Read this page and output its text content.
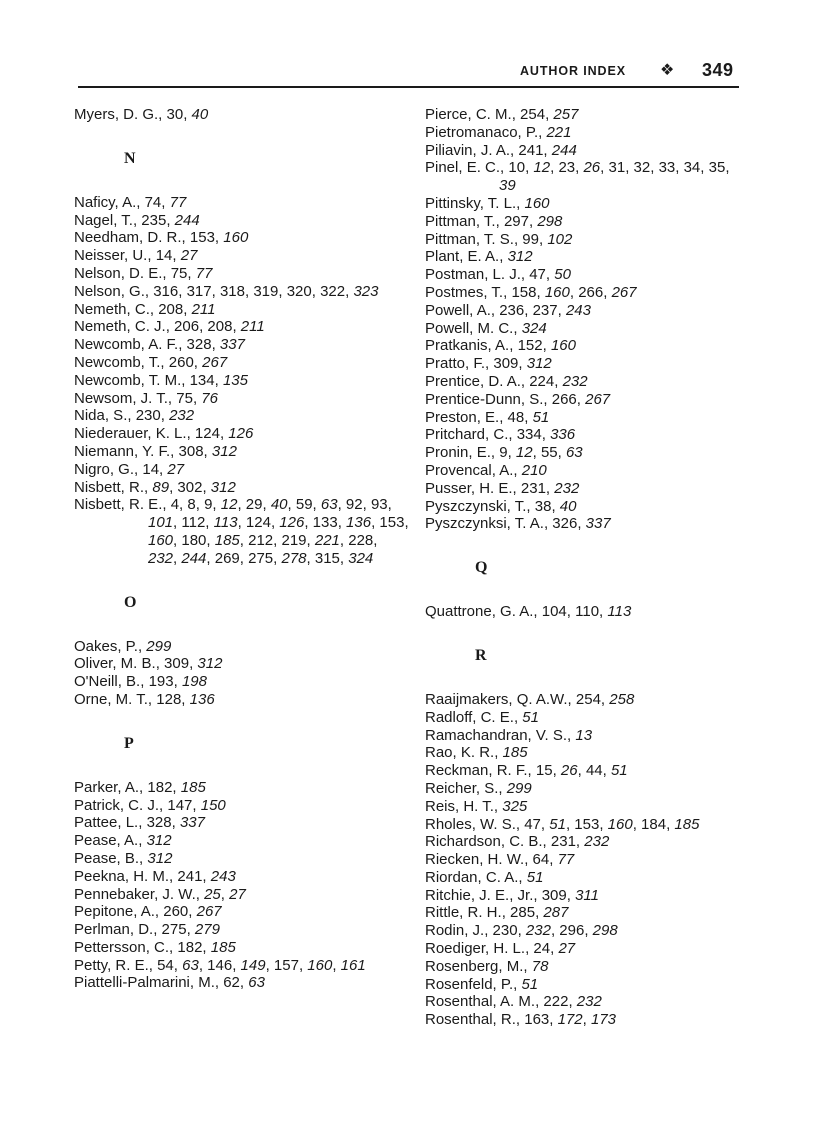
AUTHOR INDEX ❖ 349
Myers, D. G., 30, 40
N
Naficy, A., 74, 77
Nagel, T., 235, 244
Needham, D. R., 153, 160
Neisser, U., 14, 27
Nelson, D. E., 75, 77
Nelson, G., 316, 317, 318, 319, 320, 322, 323
Nemeth, C., 208, 211
Nemeth, C. J., 206, 208, 211
Newcomb, A. F., 328, 337
Newcomb, T., 260, 267
Newcomb, T. M., 134, 135
Newsom, J. T., 75, 76
Nida, S., 230, 232
Niederauer, K. L., 124, 126
Niemann, Y. F., 308, 312
Nigro, G., 14, 27
Nisbett, R., 89, 302, 312
Nisbett, R. E., 4, 8, 9, 12, 29, 40, 59, 63, 92, 93, 101, 112, 113, 124, 126, 133, 136, 153, 160, 180, 185, 212, 219, 221, 228, 232, 244, 269, 275, 278, 315, 324
O
Oakes, P., 299
Oliver, M. B., 309, 312
O'Neill, B., 193, 198
Orne, M. T., 128, 136
P
Parker, A., 182, 185
Patrick, C. J., 147, 150
Pattee, L., 328, 337
Pease, A., 312
Pease, B., 312
Peekna, H. M., 241, 243
Pennebaker, J. W., 25, 27
Pepitone, A., 260, 267
Perlman, D., 275, 279
Pettersson, C., 182, 185
Petty, R. E., 54, 63, 146, 149, 157, 160, 161
Piattelli-Palmarini, M., 62, 63
Pierce, C. M., 254, 257
Pietromanaco, P., 221
Piliavin, J. A., 241, 244
Pinel, E. C., 10, 12, 23, 26, 31, 32, 33, 34, 35, 39
Pittinsky, T. L., 160
Pittman, T., 297, 298
Pittman, T. S., 99, 102
Plant, E. A., 312
Postman, L. J., 47, 50
Postmes, T., 158, 160, 266, 267
Powell, A., 236, 237, 243
Powell, M. C., 324
Pratkanis, A., 152, 160
Pratto, F., 309, 312
Prentice, D. A., 224, 232
Prentice-Dunn, S., 266, 267
Preston, E., 48, 51
Pritchard, C., 334, 336
Pronin, E., 9, 12, 55, 63
Provencal, A., 210
Pusser, H. E., 231, 232
Pyszczynski, T., 38, 40
Pyszczynksi, T. A., 326, 337
Q
Quattrone, G. A., 104, 110, 113
R
Raaijmakers, Q. A.W., 254, 258
Radloff, C. E., 51
Ramachandran, V. S., 13
Rao, K. R., 185
Reckman, R. F., 15, 26, 44, 51
Reicher, S., 299
Reis, H. T., 325
Rholes, W. S., 47, 51, 153, 160, 184, 185
Richardson, C. B., 231, 232
Riecken, H. W., 64, 77
Riordan, C. A., 51
Ritchie, J. E., Jr., 309, 311
Rittle, R. H., 285, 287
Rodin, J., 230, 232, 296, 298
Roediger, H. L., 24, 27
Rosenberg, M., 78
Rosenfeld, P., 51
Rosenthal, A. M., 222, 232
Rosenthal, R., 163, 172, 173
